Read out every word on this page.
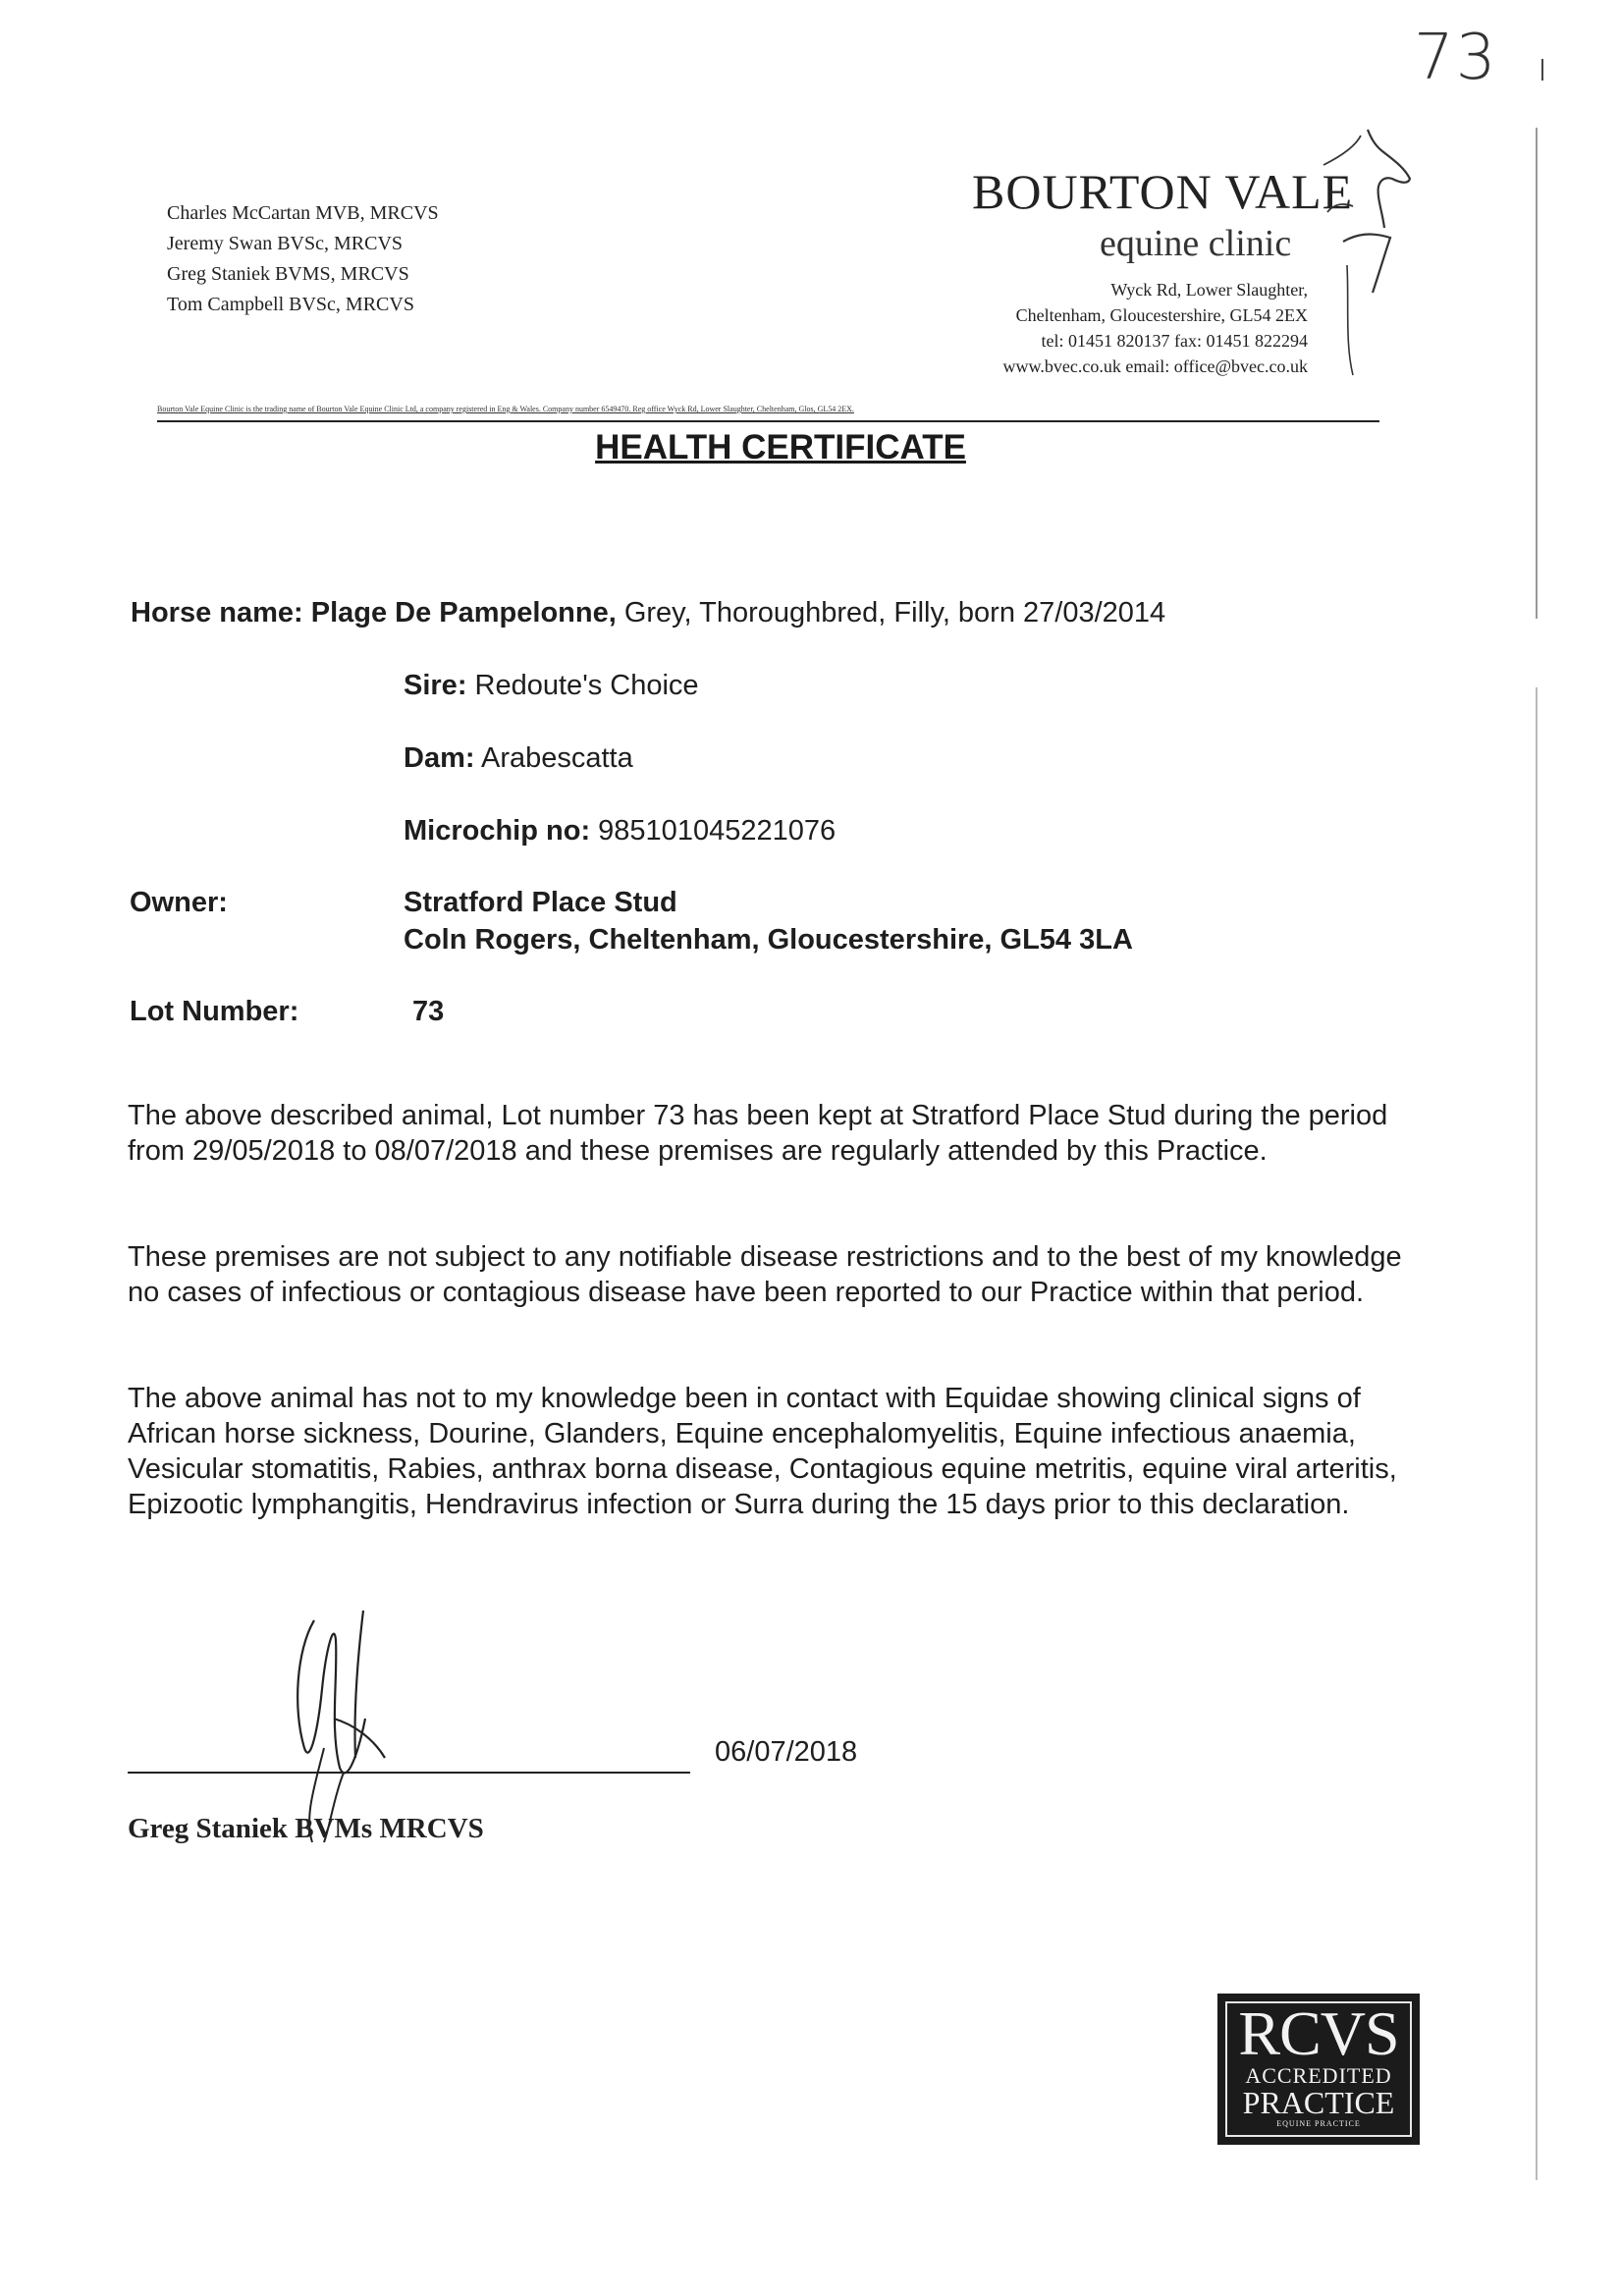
73
Charles McCartan MVB, MRCVS
Jeremy Swan BVSc, MRCVS
Greg Staniek BVMS, MRCVS
Tom Campbell BVSc, MRCVS
BOURTON VALE
equine clinic
Wyck Rd, Lower Slaughter,
Cheltenham, Gloucestershire, GL54 2EX
tel: 01451 820137 fax: 01451 822294
www.bvec.co.uk email: office@bvec.co.uk
Bourton Vale Equine Clinic is the trading name of Bourton Vale Equine Clinic Ltd, a company registered in Eng & Wales. Company number 6549470. Reg office Wyck Rd, Lower Slaughter, Cheltenham, Glos, GL54 2EX.
HEALTH CERTIFICATE
Horse name: Plage De Pampelonne, Grey, Thoroughbred, Filly, born 27/03/2014
Sire: Redoute's Choice
Dam: Arabescatta
Microchip no: 985101045221076
Owner:	Stratford Place Stud
Coln Rogers, Cheltenham, Gloucestershire, GL54 3LA
Lot Number:	73
The above described animal, Lot number 73 has been kept at Stratford Place Stud during the period from 29/05/2018 to 08/07/2018 and these premises are regularly attended by this Practice.
These premises are not subject to any notifiable disease restrictions and to the best of my knowledge no cases of infectious or contagious disease have been reported to our Practice within that period.
The above animal has not to my knowledge been in contact with Equidae showing clinical signs of African horse sickness, Dourine, Glanders, Equine encephalomyelitis, Equine infectious anaemia, Vesicular stomatitis, Rabies, anthrax borna disease, Contagious equine metritis, equine viral arteritis, Epizootic lymphangitis, Hendravirus infection or Surra during the 15 days prior to this declaration.
06/07/2018
Greg Staniek BVMs MRCVS
RCVS
ACCREDITED
PRACTICE
EQUINE PRACTICE
